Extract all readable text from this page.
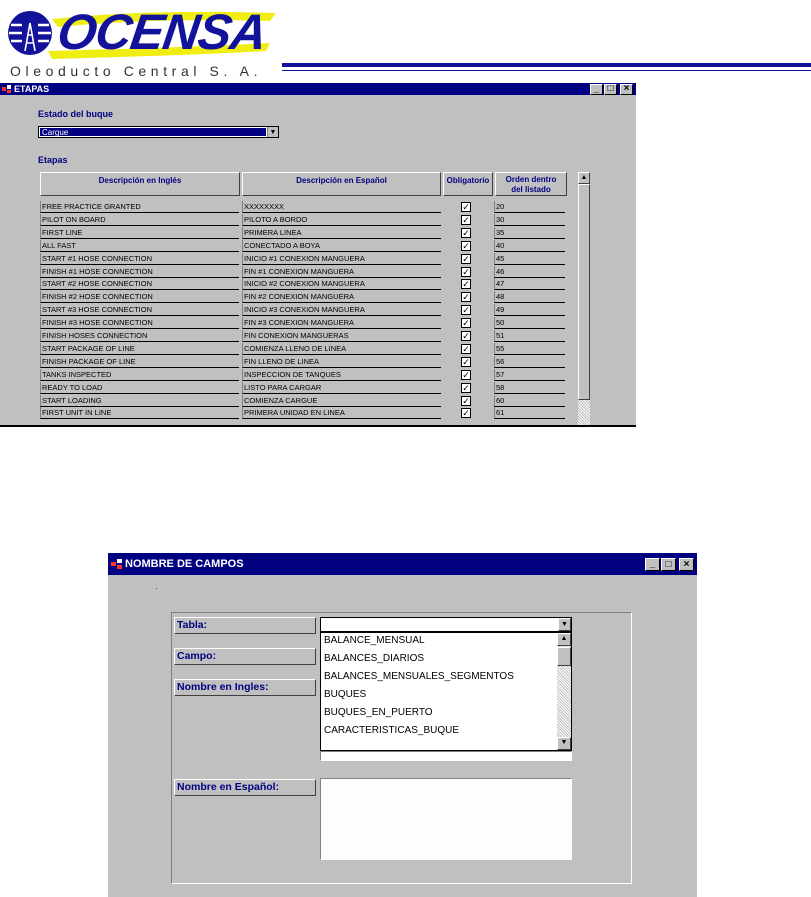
OCENSA
Oleoducto Central S. A.
ETAPAS	_ □ ×
Estado del buque
Cargue	▼
Etapas
Descripción en Inglés	Descripción en Español	Obligatorio	Orden dentro
del listado
FREE PRACTICE GRANTED	XXXXXXXX	✓	20
PILOT ON BOARD	PILOTO A BORDO	✓	30
FIRST LINE	PRIMERA LINEA	✓	35
ALL FAST	CONECTADO A BOYA	✓	40
START #1 HOSE CONNECTION	INICIO #1 CONEXION MANGUERA	✓	45
FINISH #1 HOSE CONNECTION	FIN #1 CONEXION MANGUERA	✓	46
START #2 HOSE CONNECTION	INICIO #2 CONEXION MANGUERA	✓	47
FINISH #2 HOSE CONNECTION	FIN #2 CONEXION MANGUERA	✓	48
START #3 HOSE CONNECTION	INICIO #3 CONEXION MANGUERA	✓	49
FINISH #3 HOSE CONNECTION	FIN #3 CONEXION MANGUERA	✓	50
FINISH HOSES CONNECTION	FIN CONEXION MANGUERAS	✓	51
START PACKAGE OF LINE	COMIENZA LLENO DE LINEA	✓	55
FINISH PACKAGE OF LINE	FIN LLENO DE LINEA	✓	56
TANKS INSPECTED	INSPECCION DE TANQUES	✓	57
READY TO LOAD	LISTO PARA CARGAR	✓	58
START LOADING	COMIENZA CARGUE	✓	60
FIRST UNIT IN LINE	PRIMERA UNIDAD EN LINEA	✓	61
▲
NOMBRE DE CAMPOS	_	□	×
Tabla:
Campo:
Nombre en Ingles:
Nombre en Español:
▼
BALANCE_MENSUAL
BALANCES_DIARIOS
BALANCES_MENSUALES_SEGMENTOS
BUQUES
BUQUES_EN_PUERTO
CARACTERISTICAS_BUQUE
▲
▼
